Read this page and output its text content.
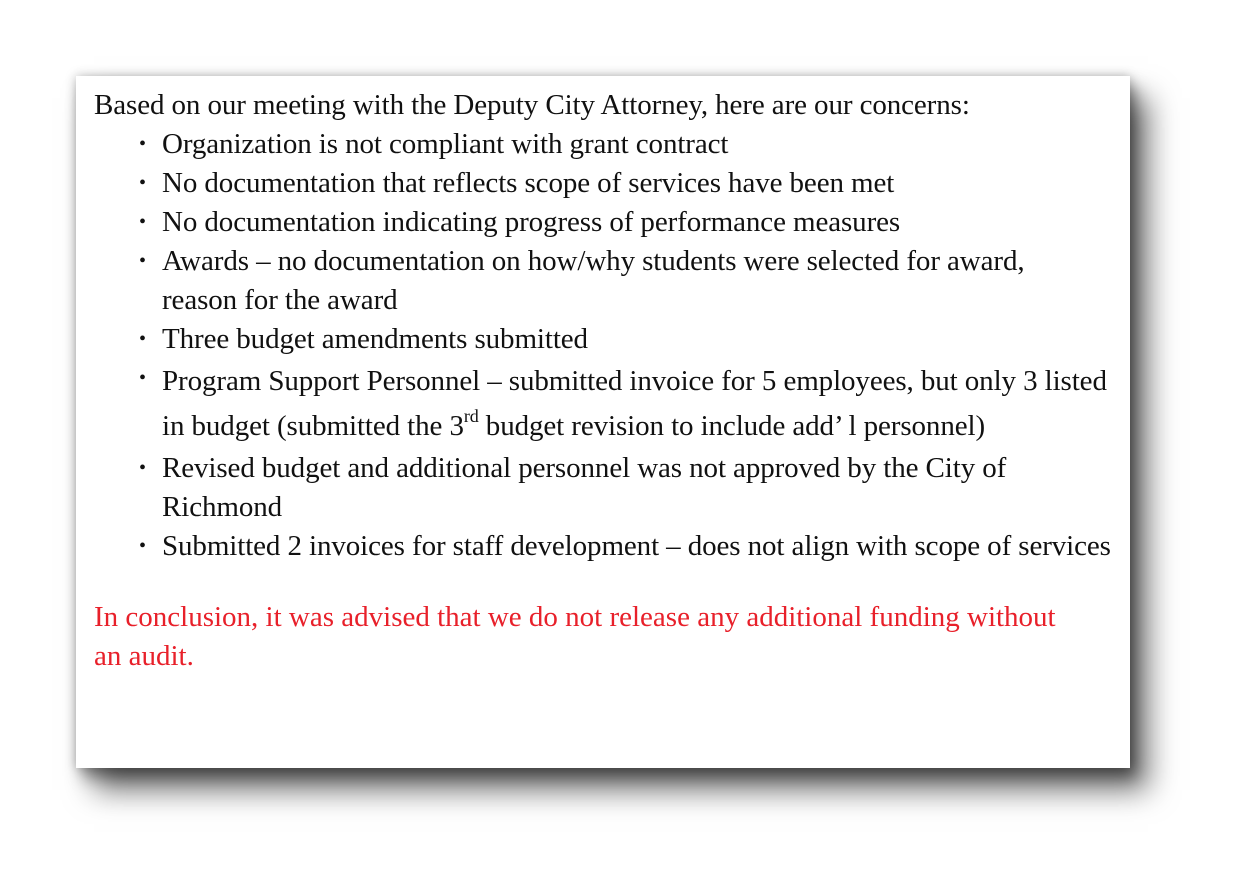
Based on our meeting with the Deputy City Attorney, here are our concerns:

• Organization is not compliant with grant contract
• No documentation that reflects scope of services have been met
• No documentation indicating progress of performance measures
• Awards – no documentation on how/why students were selected for award, reason for the award
• Three budget amendments submitted
• Program Support Personnel – submitted invoice for 5 employees, but only 3 listed in budget (submitted the 3rd budget revision to include add’ l personnel)
• Revised budget and additional personnel was not approved by the City of Richmond
• Submitted 2 invoices for staff development – does not align with scope of services

In conclusion, it was advised that we do not release any additional funding without an audit.
